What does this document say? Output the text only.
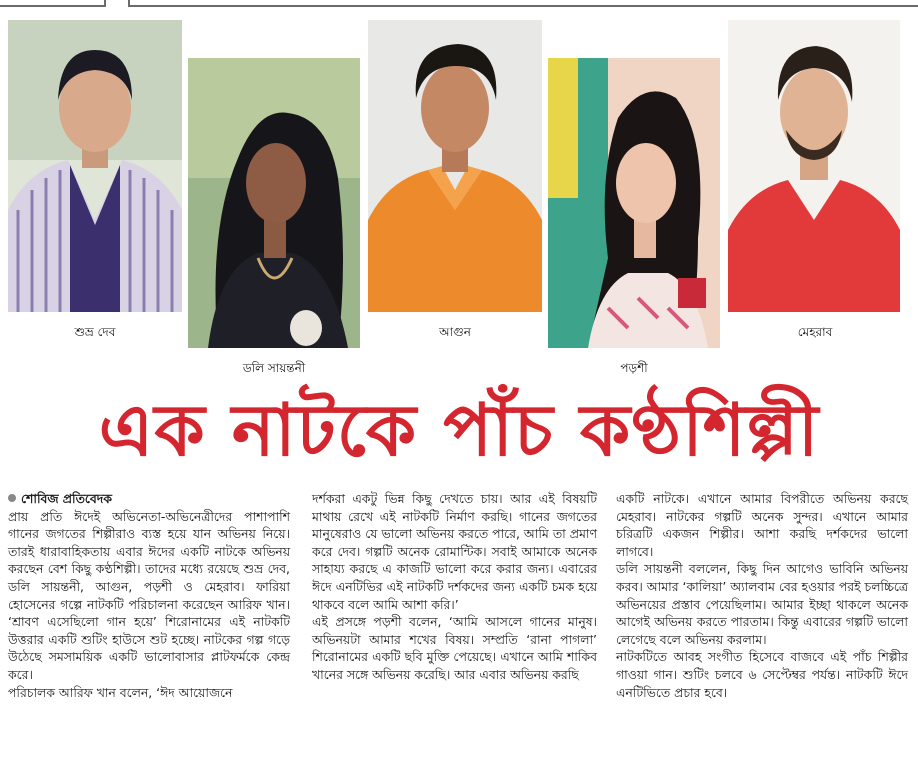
শুভ্র দেব
ডলি সায়ন্তনী
আগুন
পড়শী
মেহরাব
এক নাটকে পাঁচ কণ্ঠশিল্পী
শোবিজ প্রতিবেদক

প্রায় প্রতি ঈদেই অভিনেতা-অভিনেত্রীদের পাশাপাশি গানের জগতের শিল্পীরাও ব্যস্ত হয়ে যান অভিনয় নিয়ে। তারই ধারাবাহিকতায় এবার ঈদের একটি নাটকে অভিনয় করছেন বেশ কিছু কণ্ঠশিল্পী। তাদের মধ্যে রয়েছে শুভ্র দেব, ডলি সায়ন্তনী, আগুন, পড়শী ও মেহরাব। ফারিয়া হোসেনের গল্পে নাটকটি পরিচালনা করেছেন আরিফ খান। ‘শ্রাবণ এসেছিলো গান হয়ে’ শিরোনামের এই নাটকটি উত্তরার একটি শুটিং হাউসে শুট হচ্ছে। নাটকের গল্প গড়ে উঠেছে সমসাময়িক একটি ভালোবাসার প্লাটফর্মকে কেন্দ্র করে।

পরিচালক আরিফ খান বলেন, ‘ঈদ আয়োজনে

দর্শকরা একটু ভিন্ন কিছু দেখতে চায়। আর এই বিষয়টি মাথায় রেখে এই নাটকটি নির্মাণ করছি। গানের জগতের মানুষেরাও যে ভালো অভিনয় করতে পারে, আমি তা প্রমাণ করে দেব। গল্পটি অনেক রোমান্টিক। সবাই আমাকে অনেক সাহায্য করছে এ কাজটি ভালো করে করার জন্য। এবারের ঈদে এনটিভির এই নাটকটি দর্শকদের জন্য একটি চমক হয়ে থাকবে বলে আমি আশা করি।’

এই প্রসঙ্গে পড়শী বলেন, ‘আমি আসলে গানের মানুষ। অভিনয়টা আমার শখের বিষয়। সম্প্রতি ‘রানা পাগলা’ শিরোনামের একটি ছবি মুক্তি পেয়েছে। এখানে আমি শাকিব খানের সঙ্গে অভিনয় করেছি। আর এবার অভিনয় করছি

একটি নাটকে। এখানে আমার বিপরীতে অভিনয় করছে মেহরাব। নাটকের গল্পটি অনেক সুন্দর। এখানে আমার চরিত্রটি একজন শিল্পীর। আশা করছি দর্শকদের ভালো লাগবে।

ডলি সায়ন্তনী বললেন, কিছু দিন আগেও ভাবিনি অভিনয় করব। আমার ‘কালিয়া’ অ্যালবাম বের হওয়ার পরই চলচ্চিত্রে অভিনয়ের প্রস্তাব পেয়েছিলাম। আমার ইচ্ছা থাকলে অনেক আগেই অভিনয় করতে পারতাম। কিন্তু এবারের গল্পটি ভালো লেগেছে বলে অভিনয় করলাম।

নাটকটিতে আবহ সংগীত হিসেবে বাজবে এই পাঁচ শিল্পীর গাওয়া গান। শুটিং চলবে ৬ সেপ্টেম্বর পর্যন্ত। নাটকটি ঈদে এনটিভিতে প্রচার হবে।
